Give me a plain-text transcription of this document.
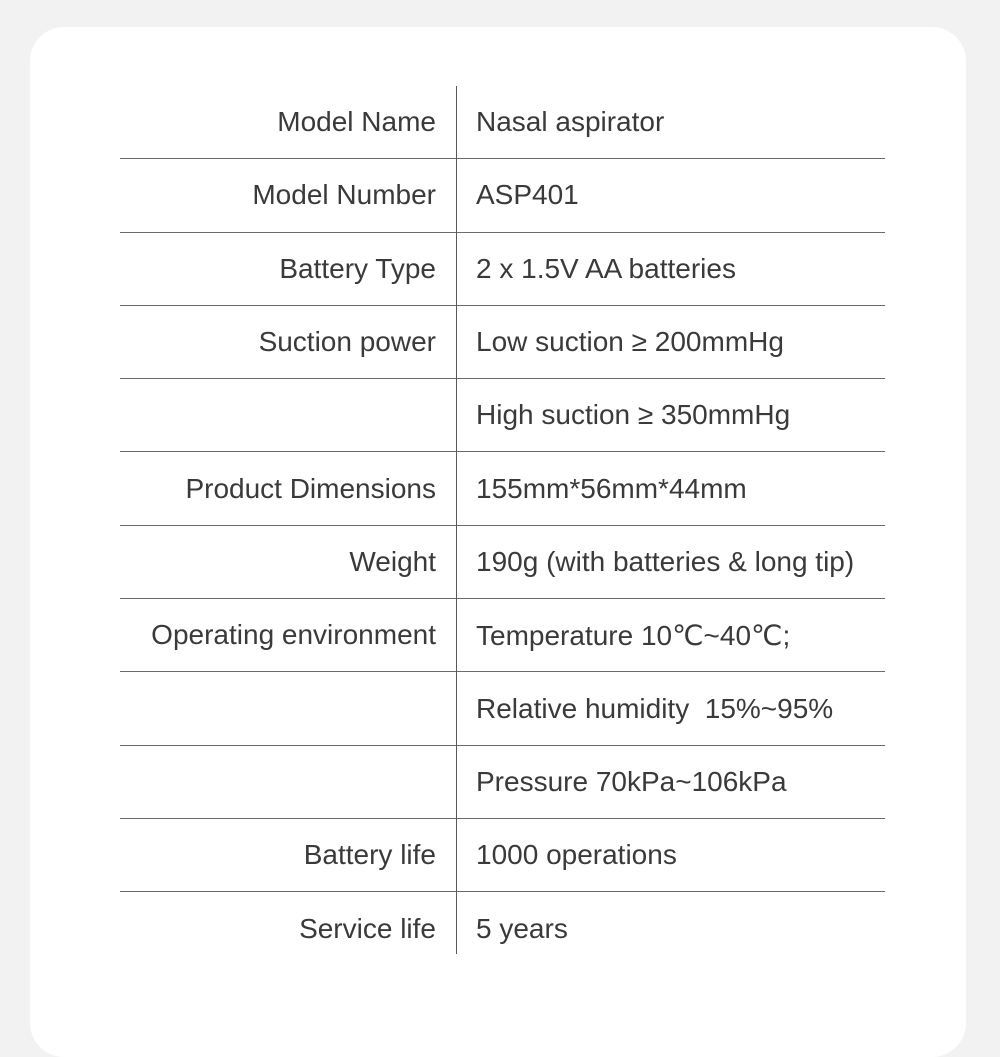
Model Name Nasal aspirator
Model Number ASP401
Battery Type 2 x 1.5V AA batteries
Suction power Low suction ≥ 200mmHg
High suction ≥ 350mmHg
Product Dimensions 155mm*56mm*44mm
Weight 190g (with batteries & long tip)
Operating environment Temperature 10℃~40℃;
Relative humidity  15%~95%
Pressure 70kPa~106kPa
Battery life 1000 operations
Service life 5 years
